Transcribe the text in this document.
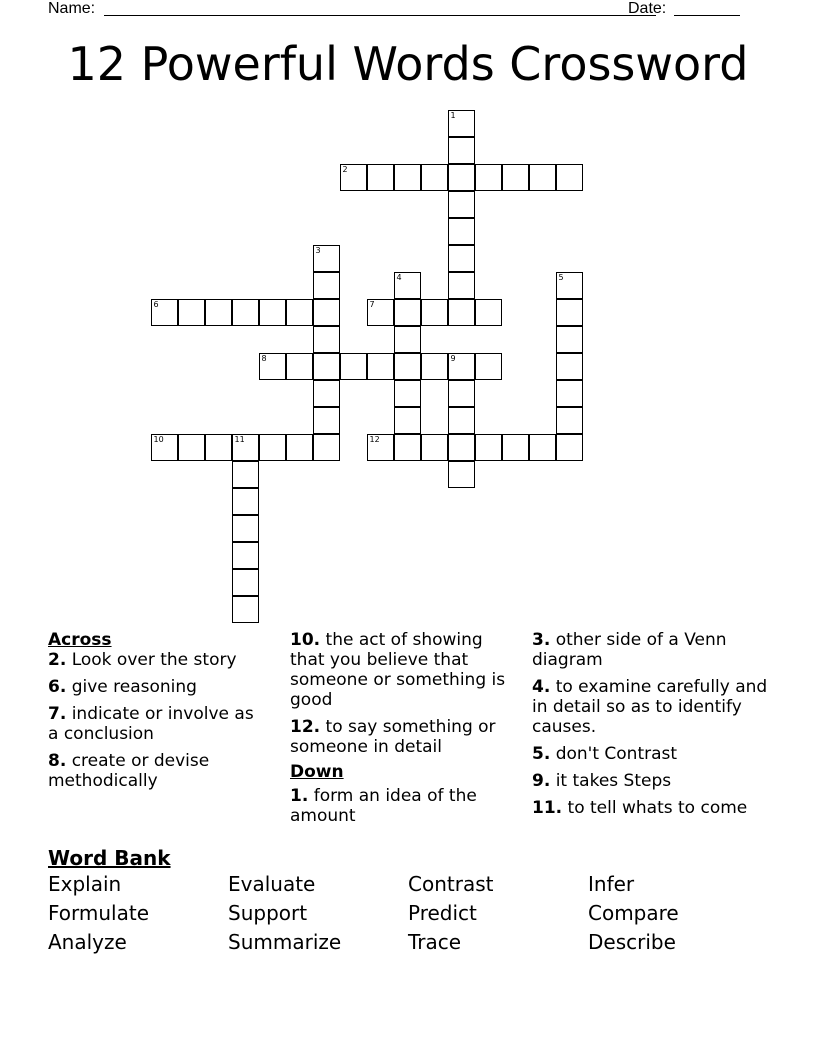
Name:	Date:
12 Powerful Words Crossword
1
2
3
4	5
6	7
8	9
10	11	12
Across
2. Look over the story
6. give reasoning
7. indicate or involve as a conclusion
8. create or devise methodically
10. the act of showing that you believe that someone or something is good
12. to say something or someone in detail
Down
1. form an idea of the amount
3. other side of a Venn diagram
4. to examine carefully and in detail so as to identify causes.
5. don't Contrast
9. it takes Steps
11. to tell whats to come
Word Bank
Explain	Evaluate	Contrast	Infer
Formulate	Support	Predict	Compare
Analyze	Summarize	Trace	Describe
